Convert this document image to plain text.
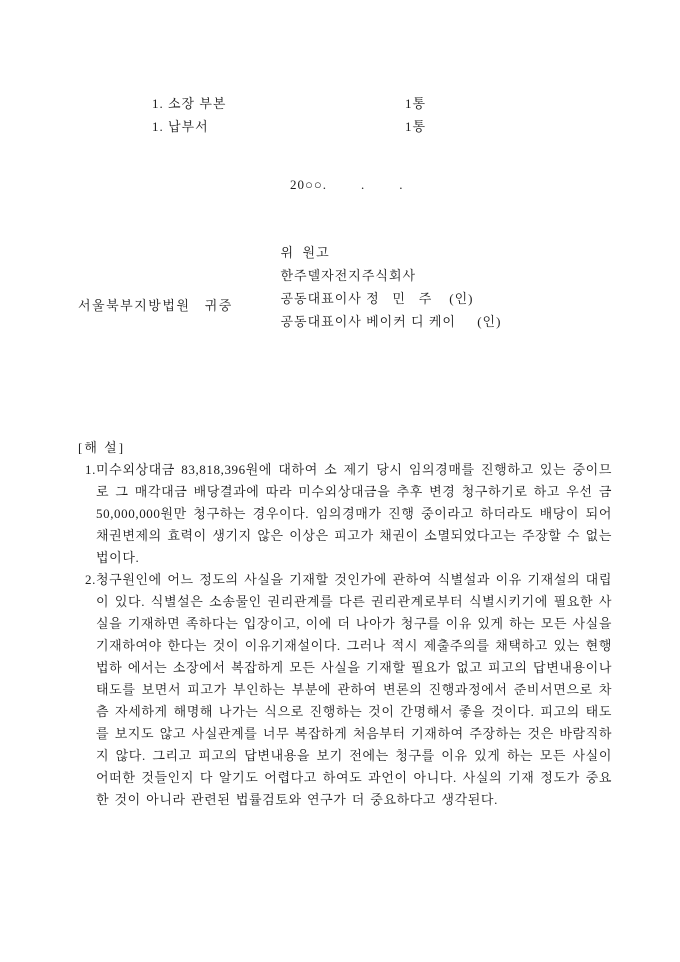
1. 소장 부본	1통
1. 납부서	1통
20○○.        .        .

위  원고
한주델자전지주식회사

공동대표이사 정   민   주    (인)

공동대표이사 베이커 디 케이     (인)

서울북부지방법원   귀중
[해 설]
1. 미수외상대금 83,818,396원에 대하여 소 제기 당시 임의경매를 진행하고 있는 중이므로 그 매각대금 배당결과에 따라 미수외상대금을 추후 변경 청구하기로 하고 우선 금 50,000,000원만 청구하는 경우이다. 임의경매가 진행 중이라고 하더라도 배당이 되어 채권변제의 효력이 생기지 않은 이상은 피고가 채권이 소멸되었다고는 주장할 수 없는 법이다.
2. 청구원인에 어느 정도의 사실을 기재할 것인가에 관하여 식별설과 이유 기재설의 대립이 있다. 식별설은 소송물인 권리관계를 다른 권리관계로부터 식별시키기에 필요한 사실을 기재하면 족하다는 입장이고, 이에 더 나아가 청구를 이유 있게 하는 모든 사실을 기재하여야 한다는 것이 이유기재설이다. 그러나 적시 제출주의를 채택하고 있는 현행법하 에서는 소장에서 복잡하게 모든 사실을 기재할 필요가 없고 피고의 답변내용이나 태도를 보면서 피고가 부인하는 부분에 관하여 변론의 진행과정에서 준비서면으로 차츰 자세하게 해명해 나가는 식으로 진행하는 것이 간명해서 좋을 것이다. 피고의 태도를 보지도 않고 사실관계를 너무 복잡하게 처음부터 기재하여 주장하는 것은 바람직하지 않다. 그리고 피고의 답변내용을 보기 전에는 청구를 이유 있게 하는 모든 사실이 어떠한 것들인지 다 알기도 어렵다고 하여도 과언이 아니다. 사실의 기재 정도가 중요한 것이 아니라 관련된 법률검토와 연구가 더 중요하다고 생각된다.
